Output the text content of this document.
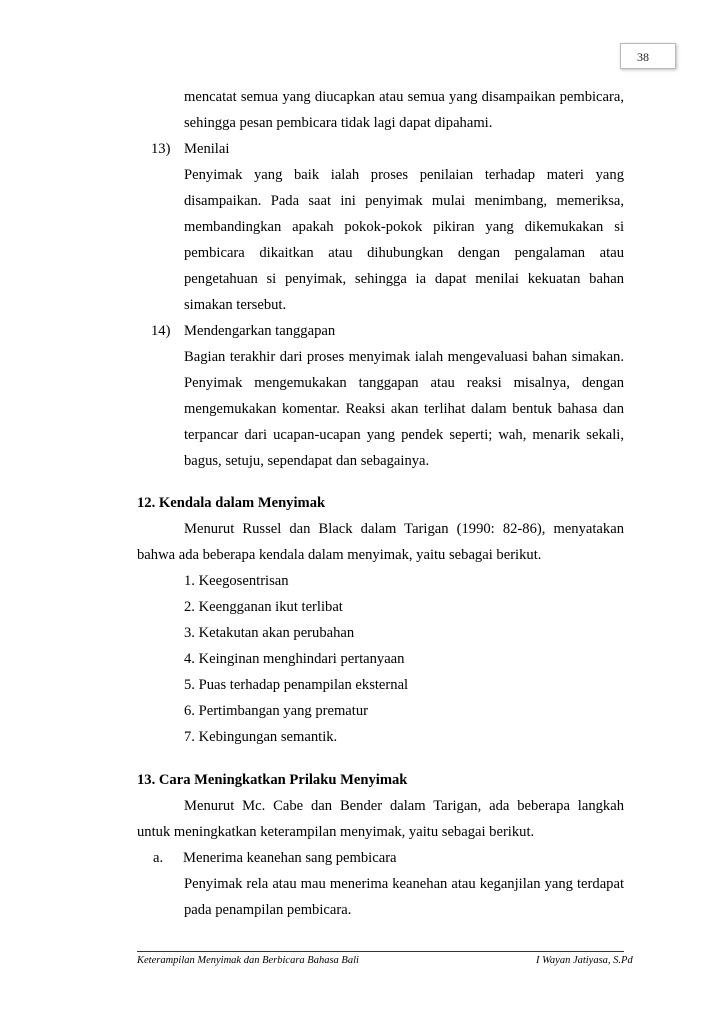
38
mencatat semua yang diucapkan atau semua yang disampaikan pembicara,
sehingga pesan pembicara tidak lagi dapat dipahami.
13) Menilai
Penyimak yang baik ialah proses penilaian terhadap materi yang
disampaikan. Pada saat ini penyimak mulai menimbang, memeriksa,
membandingkan apakah pokok-pokok pikiran yang dikemukakan si
pembicara dikaitkan atau dihubungkan dengan pengalaman atau
pengetahuan si penyimak, sehingga ia dapat menilai kekuatan bahan
simakan tersebut.
14) Mendengarkan tanggapan
Bagian terakhir dari proses menyimak ialah mengevaluasi bahan simakan.
Penyimak mengemukakan tanggapan atau reaksi misalnya, dengan
mengemukakan komentar. Reaksi akan terlihat dalam bentuk bahasa dan
terpancar dari ucapan-ucapan yang pendek seperti; wah, menarik sekali,
bagus, setuju, sependapat dan sebagainya.
12. Kendala dalam Menyimak
Menurut Russel dan Black dalam Tarigan (1990: 82-86), menyatakan
bahwa ada beberapa kendala dalam menyimak, yaitu sebagai berikut.
1. Keegosentrisan
2. Keengganan ikut terlibat
3. Ketakutan akan perubahan
4. Keinginan menghindari pertanyaan
5. Puas terhadap penampilan eksternal
6. Pertimbangan yang prematur
7. Kebingungan semantik.
13. Cara Meningkatkan Prilaku Menyimak
Menurut Mc. Cabe dan Bender dalam Tarigan, ada beberapa langkah
untuk meningkatkan keterampilan menyimak, yaitu sebagai berikut.
a. Menerima keanehan sang pembicara
Penyimak rela atau mau menerima keanehan atau keganjilan yang terdapat
pada penampilan pembicara.
Keterampilan Menyimak dan Berbicara Bahasa Bali	I Wayan Jatiyasa, S.Pd
